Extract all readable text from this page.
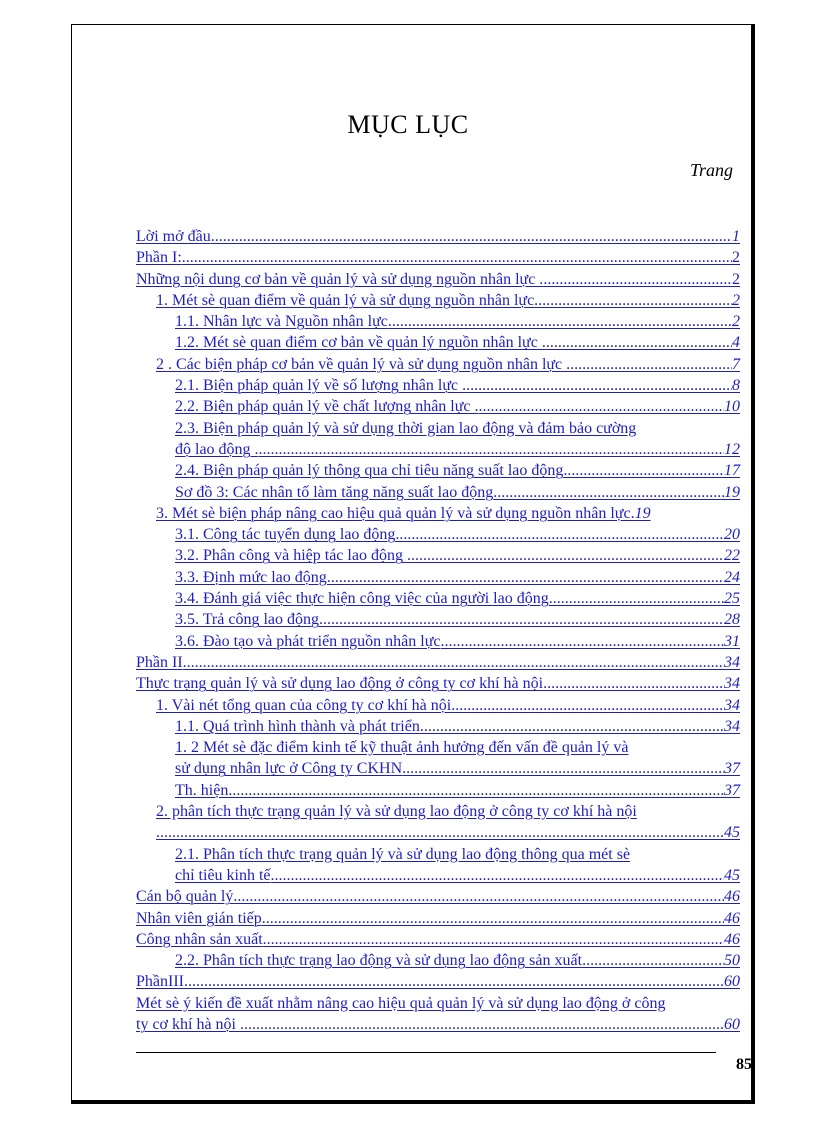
MỤC LỤC
Trang
Lời mở đầu .....	1
Phần I: .....	2
Những nội dung cơ bản về quản lý và sử dụng nguồn nhân lực . .....	2
1. Mét sè quan điểm về quản lý và sử dụng nguồn nhân lực .....	2
1.1. Nhân lực và Nguồn nhân lực .....	2
1.2. Mét sè quan điểm cơ bản về quản lý nguồn nhân lực . .....	4
2 . Các biện pháp cơ bản về quản lý và sử dụng nguồn nhân lực . .....	7
2.1. Biện pháp quản lý về số lượng nhân lực . .....	8
2.2. Biện pháp quản lý về chất lượng nhân lực . .....	10
2.3. Biện pháp quản lý và sử dụng thời gian lao động và đảm bảo cường
độ lao động . .....	12
2.4. Biện pháp quản lý thông qua chỉ tiêu năng suất lao động .....	17
Sơ đồ 3: Các nhân tố làm tăng năng suất lao động .....	19
3. Mét sè biện pháp nâng cao hiệu quả quản lý và sử dụng nguồn nhân lực. 19
3.1. Công tác tuyển dụng lao động .....	20
3.2. Phân công và hiệp tác lao động . .....	22
3.3. Định mức lao động .....	24
3.4. Đánh giá việc thực hiện công việc của người lao động .....	25
3.5. Trả công lao động .....	28
3.6. Đào tạo và phát triển nguồn nhân lực .....	31
Phần II .....	34
Thực trạng quản lý và sử dụng lao động ở công ty cơ khí hà nội .....	34
1. Vài nét tổng quan của công ty cơ khí hà nội .....	34
1.1. Quá trình hình thành và phát triển .....	34
1. 2 Mét sè đặc điểm kinh tế kỹ thuật ảnh hưởng đến vấn đề quản lý và
sử dụng nhân lực ở Công ty CKHN .....	37
Th. hiện .....	37
2. phân tích thực trạng quản lý và sử dụng lao động ở công ty cơ khí hà nội
.....
45
2.1. Phân tích thực trạng quản lý và sử dụng lao động thông qua mét sè
chỉ tiêu kinh tế .....	45
Cán bộ quản lý .....	46
Nhân viên gián tiếp .....	46
Công nhân sản xuất .....	46
2.2. Phân tích thực trạng lao động và sử dụng lao động sản xuất .....	50
PhầnIII .....	60
Mét sè ý kiến đề xuất nhằm nâng cao hiệu quả quản lý và sử dụng lao động ở công
ty cơ khí hà nội . .....	60
85
